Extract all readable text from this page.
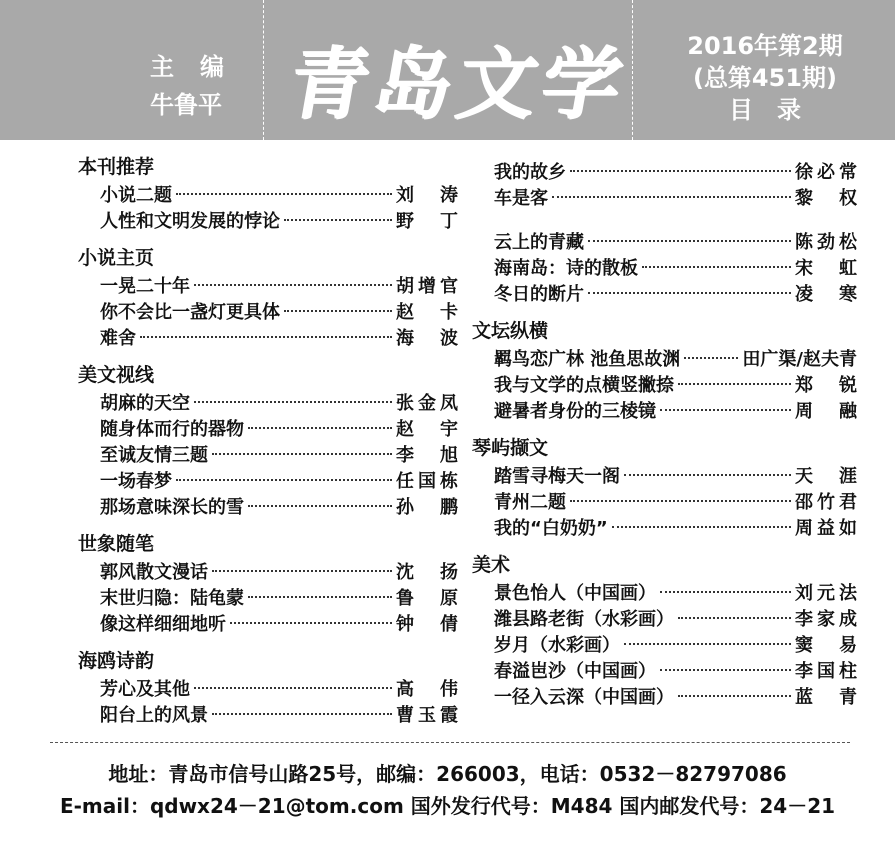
主编
牛鲁平 青岛文学	2016年第2期
(总第451期)
目录
本刊推荐
小说二题	刘涛
人性和文明发展的悖论	野丁
小说主页
一晃二十年	胡增官
你不会比一盏灯更具体	赵卡
难舍	海波
美文视线
胡麻的天空	张金凤
随身体而行的器物	赵宇
至诚友情三题	李旭
一场春梦	任国栋
那场意味深长的雪	孙鹏
世象随笔
郭风散文漫话	沈扬
末世归隐：陆龟蒙	鲁原
像这样细细地听	钟倩
海鸥诗韵
芳心及其他	高伟
阳台上的风景	曹玉霞
我的故乡	徐必常
车是客	黎权
云上的青藏	陈劲松
海南岛：诗的散板	宋虹
冬日的断片	凌寒
文坛纵横
羁鸟恋广林 池鱼思故渊	田广渠/赵夫青
我与文学的点横竖撇捺	郑锐
避暑者身份的三棱镜	周融
琴屿撷文
踏雪寻梅天一阁	天涯
青州二题	邵竹君
我的“白奶奶”	周益如
美术
景色怡人（中国画）	刘元法
潍县路老街（水彩画）	李家成
岁月（水彩画）	窦易
春溢岜沙（中国画）	李国柱
一径入云深（中国画）	蓝青
地址：青岛市信号山路25号，邮编：266003，电话：0532－82797086
E-mail：qdwx24－21@tom.com 国外发行代号：M484 国内邮发代号：24－21
